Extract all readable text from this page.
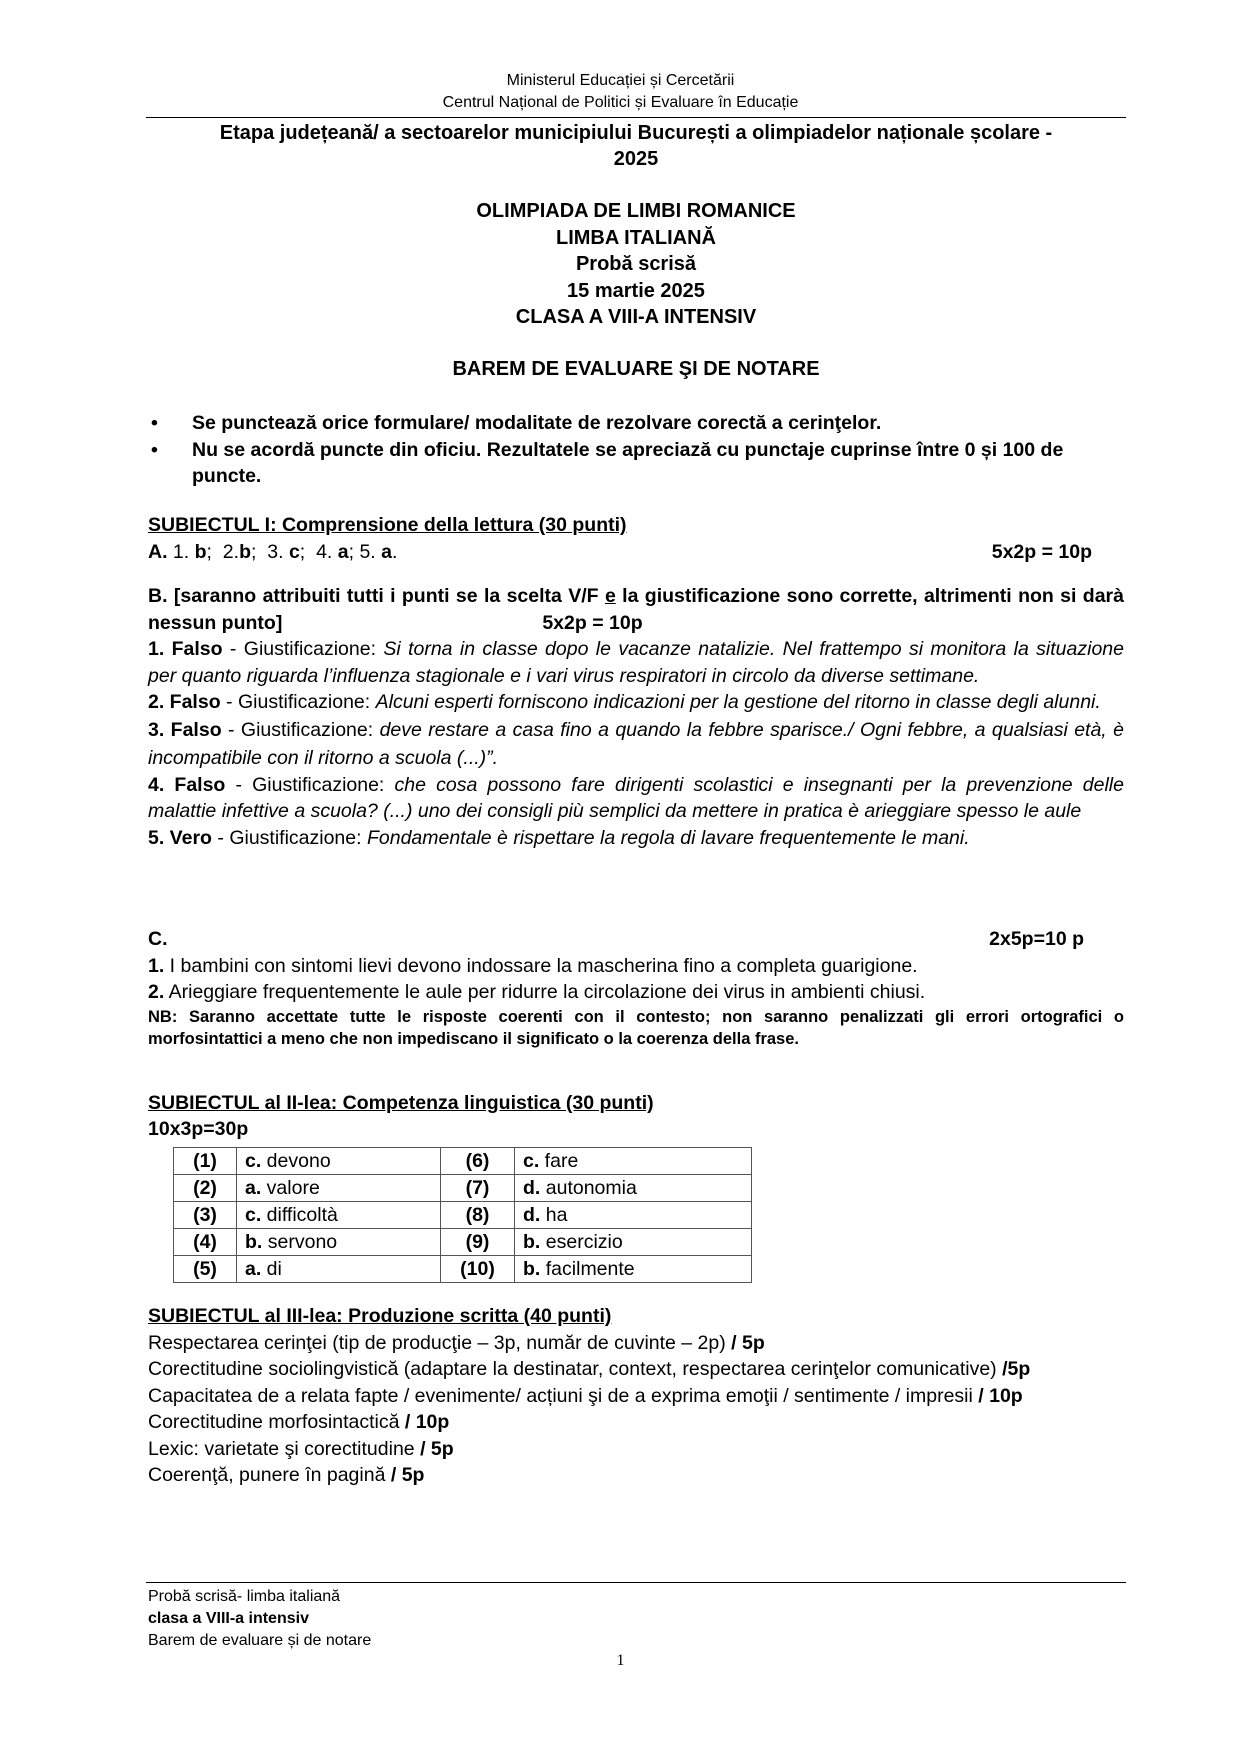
Ministerul Educației și Cercetării
Centrul Național de Politici și Evaluare în Educație
Etapa județeană/ a sectoarelor municipiului București a olimpiadelor naționale școlare -
2025
OLIMPIADA DE LIMBI ROMANICE
LIMBA ITALIANĂ
Probă scrisă
15 martie 2025
CLASA A VIII-A INTENSIV
BAREM DE EVALUARE ŞI DE NOTARE
• Se punctează orice formulare/ modalitate de rezolvare corectă a cerinţelor.
• Nu se acordă puncte din oficiu. Rezultatele se apreciază cu punctaje cuprinse între 0 și 100 de puncte.
SUBIECTUL I: Comprensione della lettura (30 punti)
A. 1. b;  2.b;  3. c;  4. a; 5. a.	5x2p = 10p
B. [saranno attribuiti tutti i punti se la scelta V/F e la giustificazione sono corrette, altrimenti non si darà nessun punto]	5x2p = 10p
1. Falso - Giustificazione: Si torna in classe dopo le vacanze natalizie. Nel frattempo si monitora la situazione per quanto riguarda l’influenza stagionale e i vari virus respiratori in circolo da diverse settimane.
2. Falso - Giustificazione: Alcuni esperti forniscono indicazioni per la gestione del ritorno in classe degli alunni.
3. Falso - Giustificazione: deve restare a casa fino a quando la febbre sparisce./ Ogni febbre, a qualsiasi età, è incompatibile con il ritorno a scuola (...)”.
4. Falso - Giustificazione: che cosa possono fare dirigenti scolastici e insegnanti per la prevenzione delle malattie infettive a scuola? (...) uno dei consigli più semplici da mettere in pratica è arieggiare spesso le aule
5. Vero - Giustificazione: Fondamentale è rispettare la regola di lavare frequentemente le mani.
C.	2x5p=10 p
1. I bambini con sintomi lievi devono indossare la mascherina fino a completa guarigione.
2. Arieggiare frequentemente le aule per ridurre la circolazione dei virus in ambienti chiusi.
NB: Saranno accettate tutte le risposte coerenti con il contesto; non saranno penalizzati gli errori ortografici o morfosintattici a meno che non impediscano il significato o la coerenza della frase.
SUBIECTUL al II-lea: Competenza linguistica (30 punti)
10x3p=30p
(1)	c. devono	(6)	c. fare
(2)	a. valore	(7)	d. autonomia
(3)	c. difficoltà	(8)	d. ha
(4)	b. servono	(9)	b. esercizio
(5)	a. di	(10)	b. facilmente
SUBIECTUL al III-lea: Produzione scritta (40 punti)
Respectarea cerinţei (tip de producţie – 3p, număr de cuvinte – 2p) / 5p
Corectitudine sociolingvistică (adaptare la destinatar, context, respectarea cerinţelor comunicative) /5p
Capacitatea de a relata fapte / evenimente/ acțiuni şi de a exprima emoţii / sentimente / impresii / 10p
Corectitudine morfosintactică / 10p
Lexic: varietate şi corectitudine / 5p
Coerenţă, punere în pagină / 5p
Probă scrisă- limba italiană
clasa a VIII-a intensiv
Barem de evaluare și de notare
1
